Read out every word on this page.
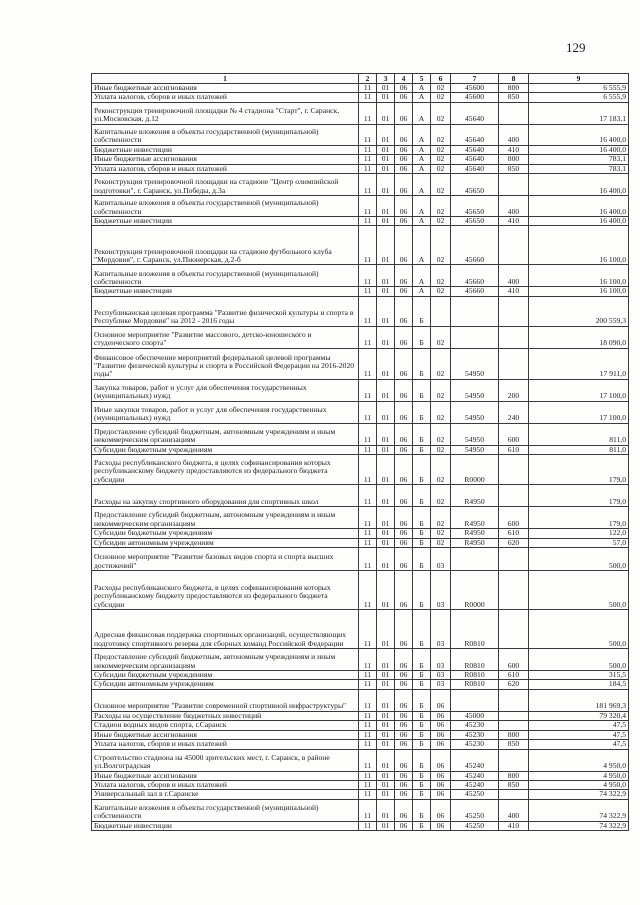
129
1	2	3	4	5	6	7	8	9
Иные бюджетные ассигнования	11	01	06	А	02	45600	800	6 555,9
Уплата налогов, сборов и иных платежей	11	01	06	А	02	45600	850	6 555,9
Реконструкция тренировочной площадки № 4 стадиона "Старт", г. Саранск, ул.Московская, д.12	11	01	06	А	02	45640		17 183,1
Капитальные вложения в объекты государственной (муниципальной) собственности	11	01	06	А	02	45640	400	16 400,0
Бюджетные инвестиции	11	01	06	А	02	45640	410	16 400,0
Иные бюджетные ассигнования	11	01	06	А	02	45640	800	783,1
Уплата налогов, сборов и иных платежей	11	01	06	А	02	45640	850	783,1
Реконструкция тренировочной площадки на стадионе "Центр олимпийской подготовки", г. Саранск, ул.Победы, д.3а	11	01	06	А	02	45650		16 400,0
Капитальные вложения в объекты государственной (муниципальной) собственности	11	01	06	А	02	45650	400	16 400,0
Бюджетные инвестиции	11	01	06	А	02	45650	410	16 400,0
Реконструкция тренировочной площадки на стадионе футбольного клуба "Мордовия", г. Саранск, ул.Пионерская, д.2-б	11	01	06	А	02	45660		16 100,0
Капитальные вложения в объекты государственной (муниципальной) собственности	11	01	06	А	02	45660	400	16 100,0
Бюджетные инвестиции	11	01	06	А	02	45660	410	16 100,0
Республиканская целевая программа "Развитие физической культуры и спорта в Республике Мордовия" на 2012 - 2016 годы	11	01	06	Б				200 559,3
Основное мероприятие "Развитие массового, детско-юношеского и студенческого спорта"	11	01	06	Б	02			18 090,0
Финансовое обеспечение мероприятий федеральной целевой программы "Развитие физической культуры и спорта в Российской Федерации на 2016-2020 годы"	11	01	06	Б	02	54950		17 911,0
Закупка товаров, работ и услуг для обеспечения государственных (муниципальных) нужд	11	01	06	Б	02	54950	200	17 100,0
Иные закупки товаров, работ и услуг для обеспечения государственных (муниципальных) нужд	11	01	06	Б	02	54950	240	17 100,0
Предоставление субсидий бюджетным, автономным учреждениям и иным некоммерческим организациям	11	01	06	Б	02	54950	600	811,0
Субсидии бюджетным учреждениям	11	01	06	Б	02	54950	610	811,0
Расходы республиканского бюджета, в целях софинансирования которых республиканскому бюджету предоставляются из федерального бюджета субсидии	11	01	06	Б	02	R0000		179,0
Расходы на закупку спортивного оборудования для спортивных школ	11	01	06	Б	02	R4950		179,0
Предоставление субсидий бюджетным, автономным учреждениям и иным некоммерческим организациям	11	01	06	Б	02	R4950	600	179,0
Субсидии бюджетным учреждениям	11	01	06	Б	02	R4950	610	122,0
Субсидии автономным учреждениям	11	01	06	Б	02	R4950	620	57,0
Основное мероприятие "Развитие базовых видов спорта и спорта высших достижений"	11	01	06	Б	03			500,0
Расходы республиканского бюджета, в целях софинансирования которых республиканскому бюджету предоставляются из федерального бюджета субсидии	11	01	06	Б	03	R0000		500,0
Адресная финансовая поддержка спортивных организаций, осуществляющих подготовку спортивного резерва для сборных команд Российской Федерации	11	01	06	Б	03	R0810		500,0
Предоставление субсидий бюджетным, автономным учреждениям и иным некоммерческим организациям	11	01	06	Б	03	R0810	600	500,0
Субсидии бюджетным учреждениям	11	01	06	Б	03	R0810	610	315,5
Субсидии автономным учреждениям	11	01	06	Б	03	R0810	620	184,5
Основное мероприятие "Развитие современной спортивной инфраструктуры"	11	01	06	Б	06			181 969,3
Расходы на осуществление бюджетных инвестиций	11	01	06	Б	06	45000		79 320,4
Стадион водных видов спорта, г.Саранск	11	01	06	Б	06	45230		47,5
Иные бюджетные ассигнования	11	01	06	Б	06	45230	800	47,5
Уплата налогов, сборов и иных платежей	11	01	06	Б	06	45230	850	47,5
Строительство стадиона на 45000 зрительских мест, г. Саранск, в районе ул.Волгоградская	11	01	06	Б	06	45240		4 950,0
Иные бюджетные ассигнования	11	01	06	Б	06	45240	800	4 950,0
Уплата налогов, сборов и иных платежей	11	01	06	Б	06	45240	850	4 950,0
Универсальный зал в г.Саранске	11	01	06	Б	06	45250		74 322,9
Капитальные вложения в объекты государственной (муниципальной) собственности	11	01	06	Б	06	45250	400	74 322,9
Бюджетные инвестиции	11	01	06	Б	06	45250	410	74 322,9
